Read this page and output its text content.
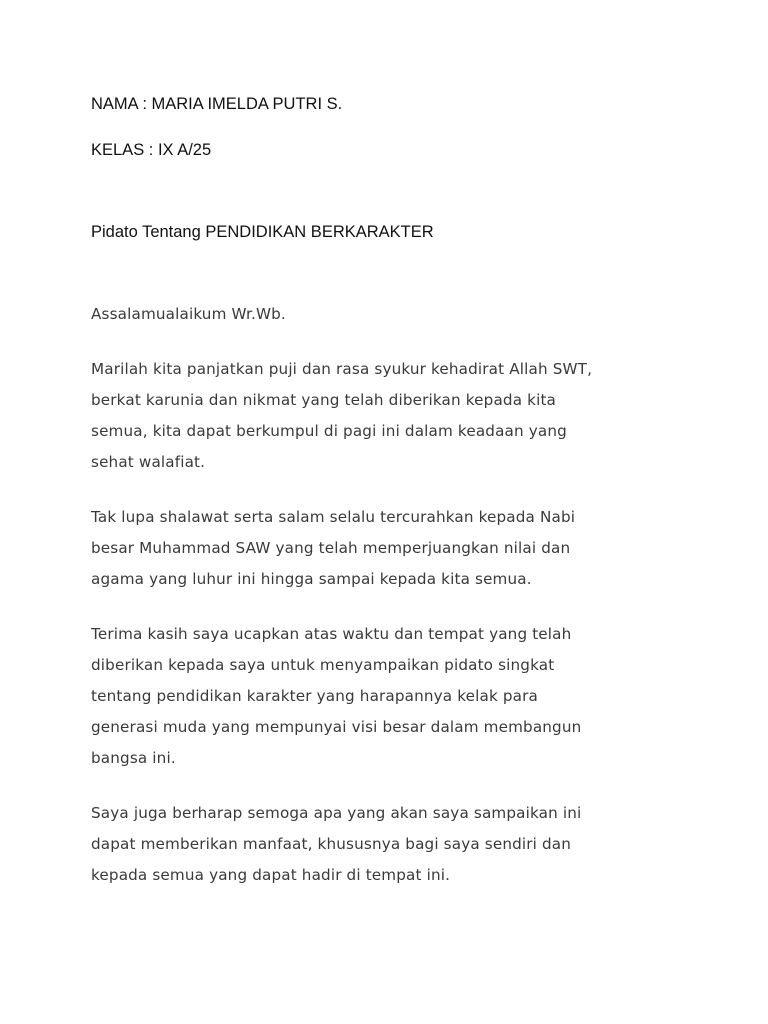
NAMA : MARIA IMELDA PUTRI S.

KELAS : IX A/25

Pidato Tentang PENDIDIKAN BERKARAKTER

Assalamualaikum Wr.Wb.

Marilah kita panjatkan puji dan rasa syukur kehadirat Allah SWT,

berkat karunia dan nikmat yang telah diberikan kepada kita

semua, kita dapat berkumpul di pagi ini dalam keadaan yang

sehat walafiat.

Tak lupa shalawat serta salam selalu tercurahkan kepada Nabi

besar Muhammad SAW yang telah memperjuangkan nilai dan

agama yang luhur ini hingga sampai kepada kita semua.

Terima kasih saya ucapkan atas waktu dan tempat yang telah

diberikan kepada saya untuk menyampaikan pidato singkat

tentang pendidikan karakter yang harapannya kelak para

generasi muda yang mempunyai visi besar dalam membangun

bangsa ini.

Saya juga berharap semoga apa yang akan saya sampaikan ini

dapat memberikan manfaat, khususnya bagi saya sendiri dan

kepada semua yang dapat hadir di tempat ini.
